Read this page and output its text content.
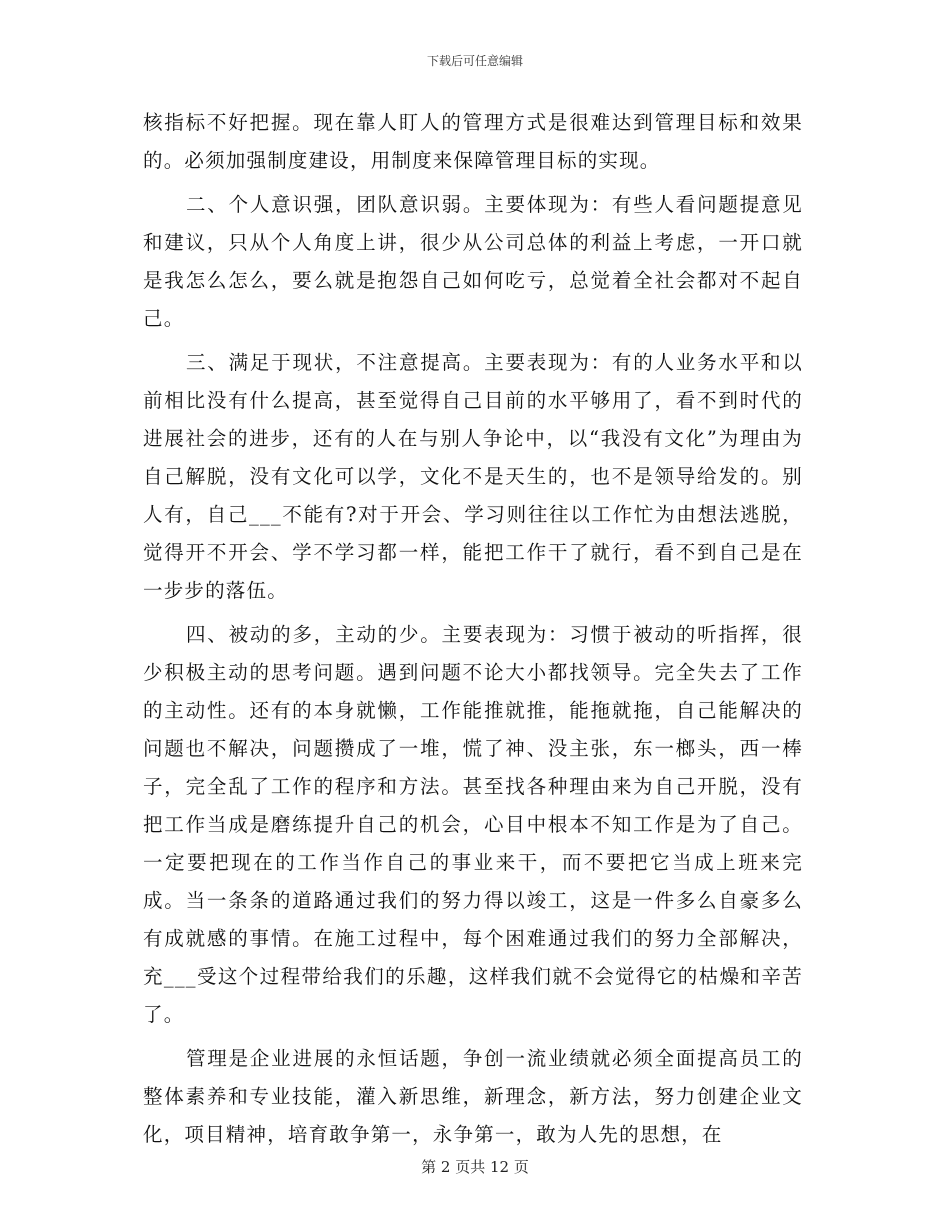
下载后可任意编辑

核指标不好把握。现在靠人盯人的管理方式是很难达到管理目标和效果的。必须加强制度建设，用制度来保障管理目标的实现。

二、个人意识强，团队意识弱。主要体现为：有些人看问题提意见和建议，只从个人角度上讲，很少从公司总体的利益上考虑，一开口就是我怎么怎么，要么就是抱怨自己如何吃亏，总觉着全社会都对不起自己。

三、满足于现状，不注意提高。主要表现为：有的人业务水平和以前相比没有什么提高，甚至觉得自己目前的水平够用了，看不到时代的进展社会的进步，还有的人在与别人争论中，以“我没有文化”为理由为自己解脱，没有文化可以学，文化不是天生的，也不是领导给发的。别人有，自己___不能有?对于开会、学习则往往以工作忙为由想法逃脱，觉得开不开会、学不学习都一样，能把工作干了就行，看不到自己是在一步步的落伍。

四、被动的多，主动的少。主要表现为：习惯于被动的听指挥，很少积极主动的思考问题。遇到问题不论大小都找领导。完全失去了工作的主动性。还有的本身就懒，工作能推就推，能拖就拖，自己能解决的问题也不解决，问题攒成了一堆，慌了神、没主张，东一榔头，西一棒子，完全乱了工作的程序和方法。甚至找各种理由来为自己开脱，没有把工作当成是磨练提升自己的机会，心目中根本不知工作是为了自己。一定要把现在的工作当作自己的事业来干，而不要把它当成上班来完成。当一条条的道路通过我们的努力得以竣工，这是一件多么自豪多么有成就感的事情。在施工过程中，每个困难通过我们的努力全部解决，充___受这个过程带给我们的乐趣，这样我们就不会觉得它的枯燥和辛苦了。

管理是企业进展的永恒话题，争创一流业绩就必须全面提高员工的整体素养和专业技能，灌入新思维，新理念，新方法，努力创建企业文化，项目精神，培育敢争第一，永争第一，敢为人先的思想，在

第 2 页共 12 页
